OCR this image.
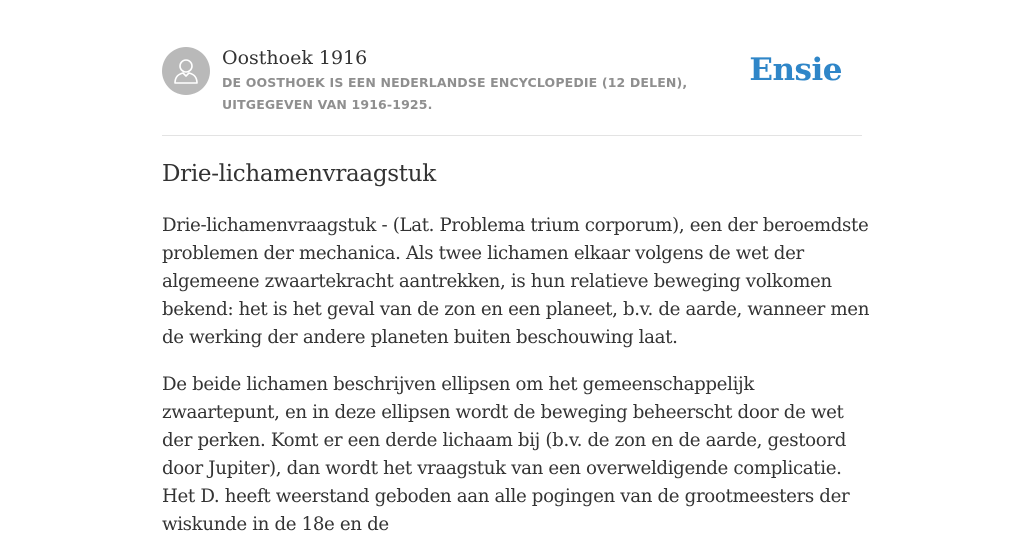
Oosthoek 1916
DE OOSTHOEK IS EEN NEDERLANDSE ENCYCLOPEDIE (12 DELEN), UITGEGEVEN VAN 1916-1925.
Ensie
Drie-lichamenvraagstuk

Drie-lichamenvraagstuk - (Lat. Problema trium corporum), een der beroemdste problemen der mechanica. Als twee lichamen elkaar volgens de wet der algemeene zwaartekracht aantrekken, is hun relatieve beweging volkomen bekend: het is het geval van de zon en een planeet, b.v. de aarde, wanneer men de werking der andere planeten buiten beschouwing laat.

De beide lichamen beschrijven ellipsen om het gemeenschappelijk zwaartepunt, en in deze ellipsen wordt de beweging beheerscht door de wet der perken. Komt er een derde lichaam bij (b.v. de zon en de aarde, gestoord door Jupiter), dan wordt het vraagstuk van een overweldigende complicatie. Het D. heeft weerstand geboden aan alle pogingen van de grootmeesters der wiskunde in de 18e en de
